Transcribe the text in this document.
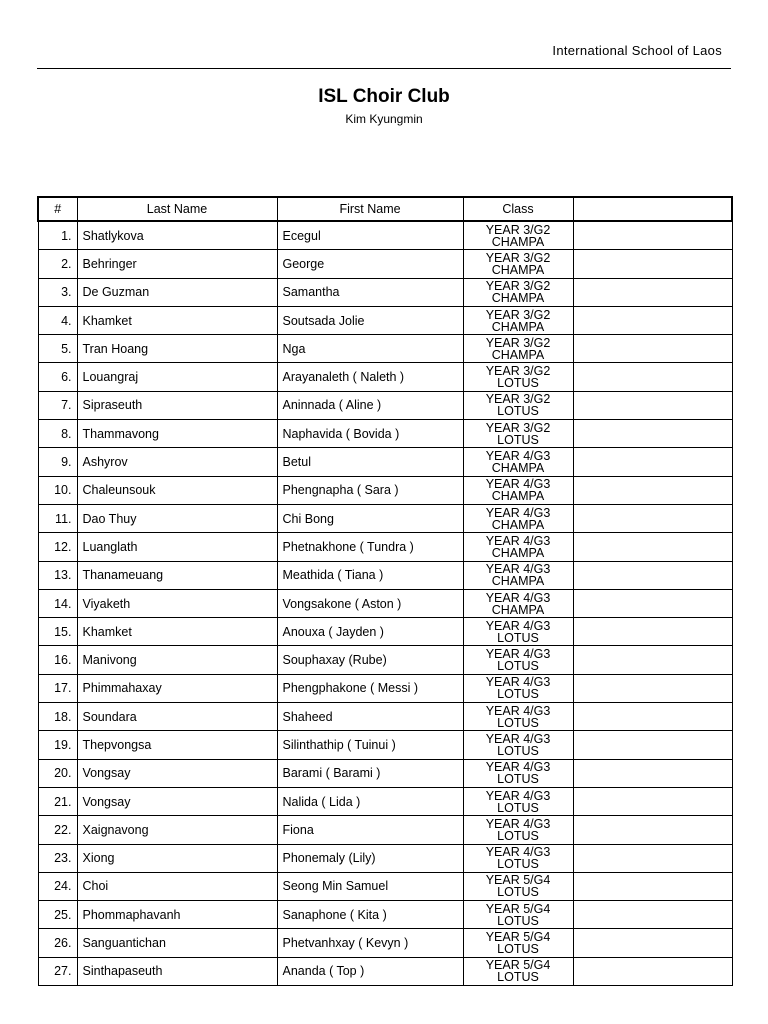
International School of Laos
ISL Choir Club
Kim Kyungmin
#	Last Name	First Name	Class	
1.	Shatlykova	Ecegul	YEAR 3/G2
CHAMPA	

2.	Behringer	George	YEAR 3/G2
CHAMPA	

3.	De Guzman	Samantha	YEAR 3/G2
CHAMPA	

4.	Khamket	Soutsada Jolie	YEAR 3/G2
CHAMPA	

5.	Tran Hoang	Nga	YEAR 3/G2
CHAMPA	

6.	Louangraj	Arayanaleth ( Naleth )	YEAR 3/G2
LOTUS	

7.	Sipraseuth	Aninnada ( Aline )	YEAR 3/G2
LOTUS	

8.	Thammavong	Naphavida ( Bovida )	YEAR 3/G2
LOTUS	

9.	Ashyrov	Betul	YEAR 4/G3
CHAMPA	

10.	Chaleunsouk	Phengnapha ( Sara )	YEAR 4/G3
CHAMPA	

11.	Dao Thuy	Chi Bong	YEAR 4/G3
CHAMPA	

12.	Luanglath	Phetnakhone ( Tundra )	YEAR 4/G3
CHAMPA	

13.	Thanameuang	Meathida ( Tiana )	YEAR 4/G3
CHAMPA	

14.	Viyaketh	Vongsakone ( Aston )	YEAR 4/G3
CHAMPA	

15.	Khamket	Anouxa ( Jayden )	YEAR 4/G3
LOTUS	

16.	Manivong	Souphaxay (Rube)	YEAR 4/G3
LOTUS	

17.	Phimmahaxay	Phengphakone ( Messi )	YEAR 4/G3
LOTUS	

18.	Soundara	Shaheed	YEAR 4/G3
LOTUS	

19.	Thepvongsa	Silinthathip ( Tuinui )	YEAR 4/G3
LOTUS	

20.	Vongsay	Barami ( Barami )	YEAR 4/G3
LOTUS	

21.	Vongsay	Nalida ( Lida )	YEAR 4/G3
LOTUS	

22.	Xaignavong	Fiona	YEAR 4/G3
LOTUS	

23.	Xiong	Phonemaly (Lily)	YEAR 4/G3
LOTUS	

24.	Choi	Seong Min Samuel	YEAR 5/G4
LOTUS	

25.	Phommaphavanh	Sanaphone ( Kita )	YEAR 5/G4
LOTUS	

26.	Sanguantichan	Phetvanhxay ( Kevyn )	YEAR 5/G4
LOTUS	

27.	Sinthapaseuth	Ananda ( Top )	YEAR 5/G4
LOTUS	
